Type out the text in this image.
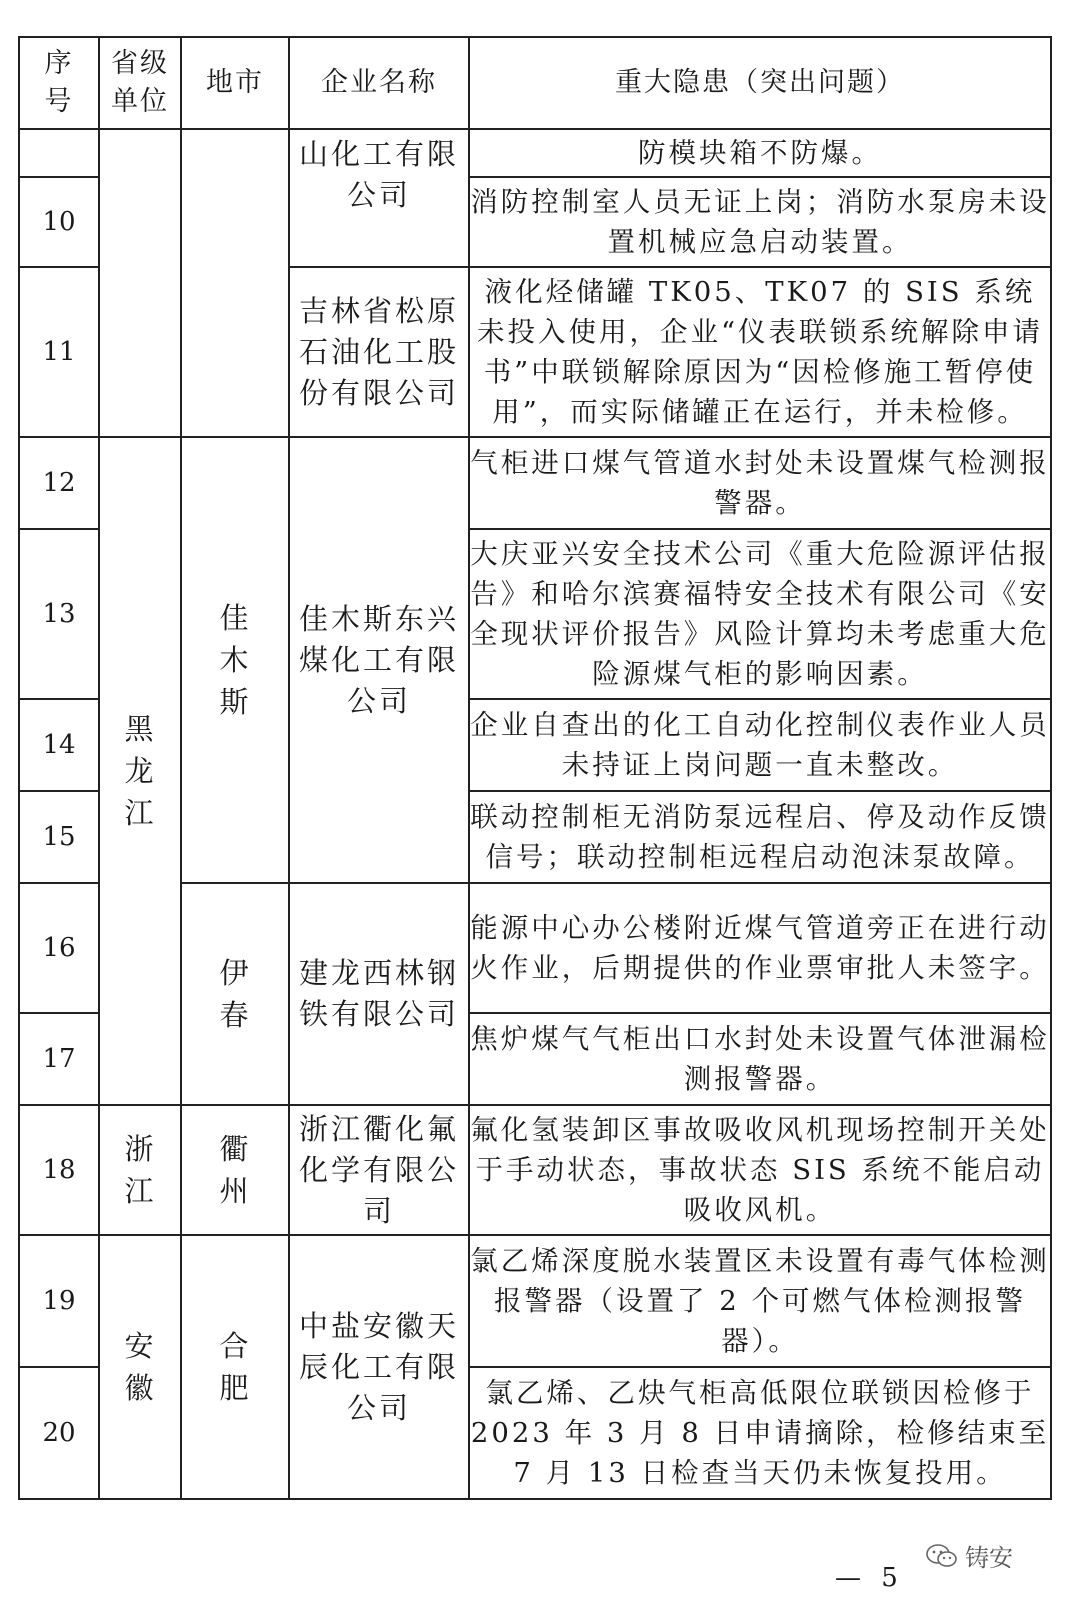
序号	省级单位	地市	企业名称	重大隐患（突出问题）
			山化工有限公司	防模块箱不防爆。
10				消防控制室人员无证上岗；消防水泵房未设置机械应急启动装置。
11			吉林省松原石油化工股份有限公司	液化烃储罐 TK05、TK07 的 SIS 系统未投入使用，企业“仪表联锁系统解除申请书”中联锁解除原因为“因检修施工暂停使用”，而实际储罐正在运行，并未检修。
12	黑龙江	佳木斯	佳木斯东兴煤化工有限公司	气柜进口煤气管道水封处未设置煤气检测报警器。
13				大庆亚兴安全技术公司《重大危险源评估报告》和哈尔滨赛福特安全技术有限公司《安全现状评价报告》风险计算均未考虑重大危险源煤气柜的影响因素。
14				企业自查出的化工自动化控制仪表作业人员未持证上岗问题一直未整改。
15				联动控制柜无消防泵远程启、停及动作反馈信号；联动控制柜远程启动泡沫泵故障。
16		伊春	建龙西林钢铁有限公司	能源中心办公楼附近煤气管道旁正在进行动火作业，后期提供的作业票审批人未签字。
17				焦炉煤气气柜出口水封处未设置气体泄漏检测报警器。
18	浙江	衢州	浙江衢化氟化学有限公司	氟化氢装卸区事故吸收风机现场控制开关处于手动状态，事故状态 SIS 系统不能启动吸收风机。
19	安徽	合肥	中盐安徽天辰化工有限公司	氯乙烯深度脱水装置区未设置有毒气体检测报警器（设置了 2 个可燃气体检测报警器）。
20				氯乙烯、乙炔气柜高低限位联锁因检修于 2023 年 3 月 8 日申请摘除，检修结束至 7 月 13 日检查当天仍未恢复投用。
— 5
铸安
